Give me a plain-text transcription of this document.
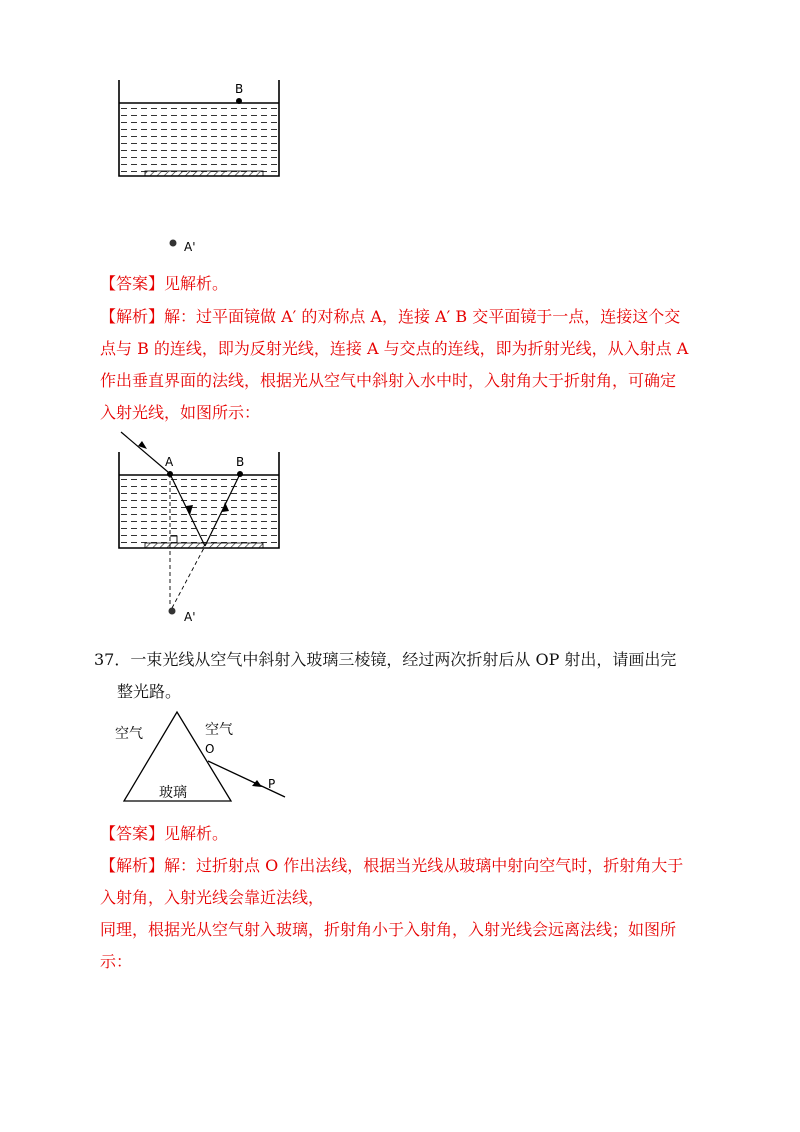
B
A'
【答案】见解析。
【解析】解：过平面镜做 A′ 的对称点 A，连接 A′ B 交平面镜于一点，连接这个交
点与 B 的连线，即为反射光线，连接 A 与交点的连线，即为折射光线，从入射点 A
作出垂直界面的法线，根据光从空气中斜射入水中时，入射角大于折射角，可确定
入射光线，如图所示：
A	B
A'
37．一束光线从空气中斜射入玻璃三棱镜，经过两次折射后从 OP 射出，请画出完
整光路。
空气	空气
O
P
玻璃
【答案】见解析。
【解析】解：过折射点 O 作出法线，根据当光线从玻璃中射向空气时，折射角大于
入射角，入射光线会靠近法线，
同理，根据光从空气射入玻璃，折射角小于入射角，入射光线会远离法线；如图所
示：
